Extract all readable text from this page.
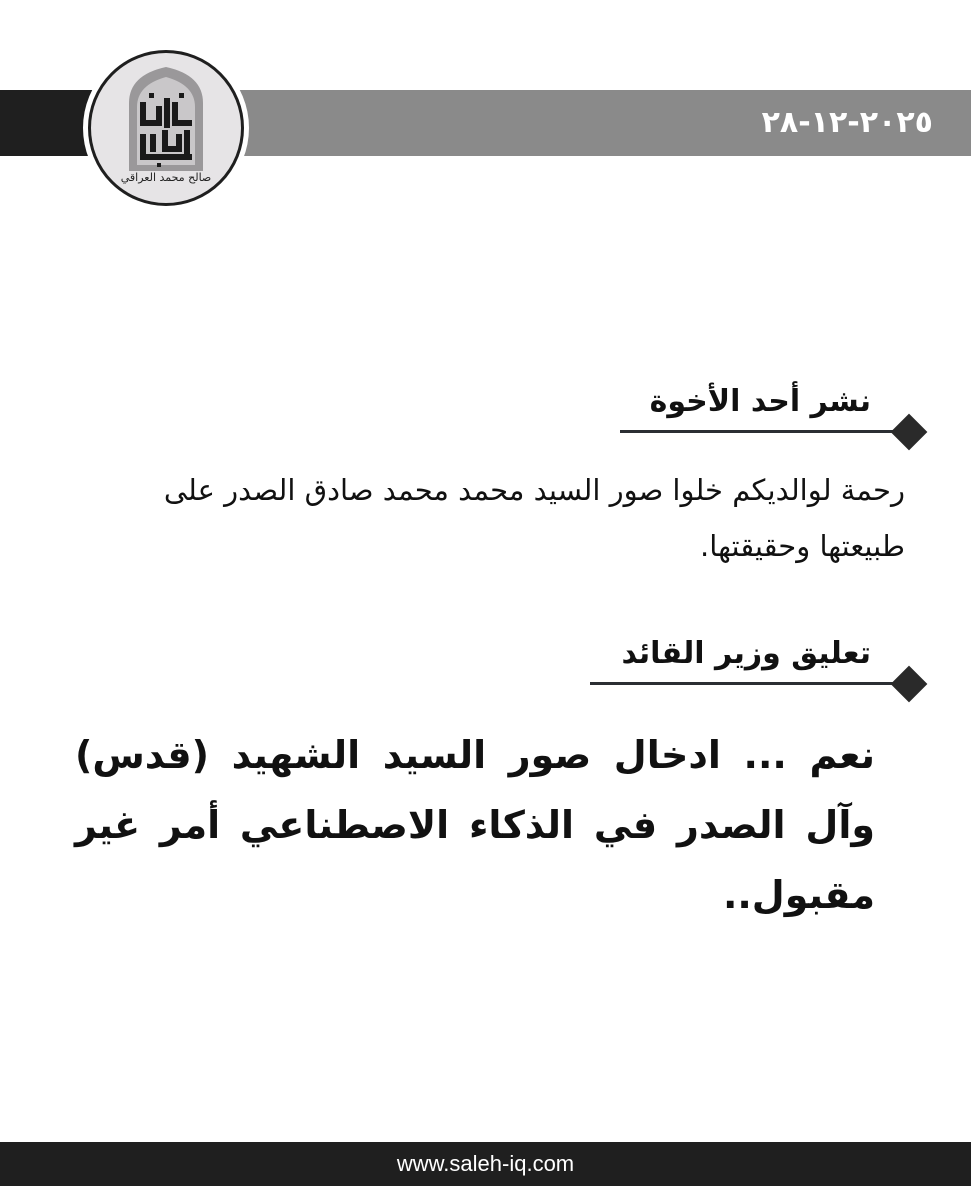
٢٠٢٥-١٢-٢٨
صالح محمد العراقي
نشر أحد الأخوة
رحمة لوالديكم خلوا صور السيد محمد محمد صادق الصدر على طبيعتها وحقيقتها.
تعليق وزير القائد
نعم ... ادخال صور السيد الشهيد (قدس) وآل الصدر في الذكاء الاصطناعي أمر غير مقبول..
www.saleh-iq.com
